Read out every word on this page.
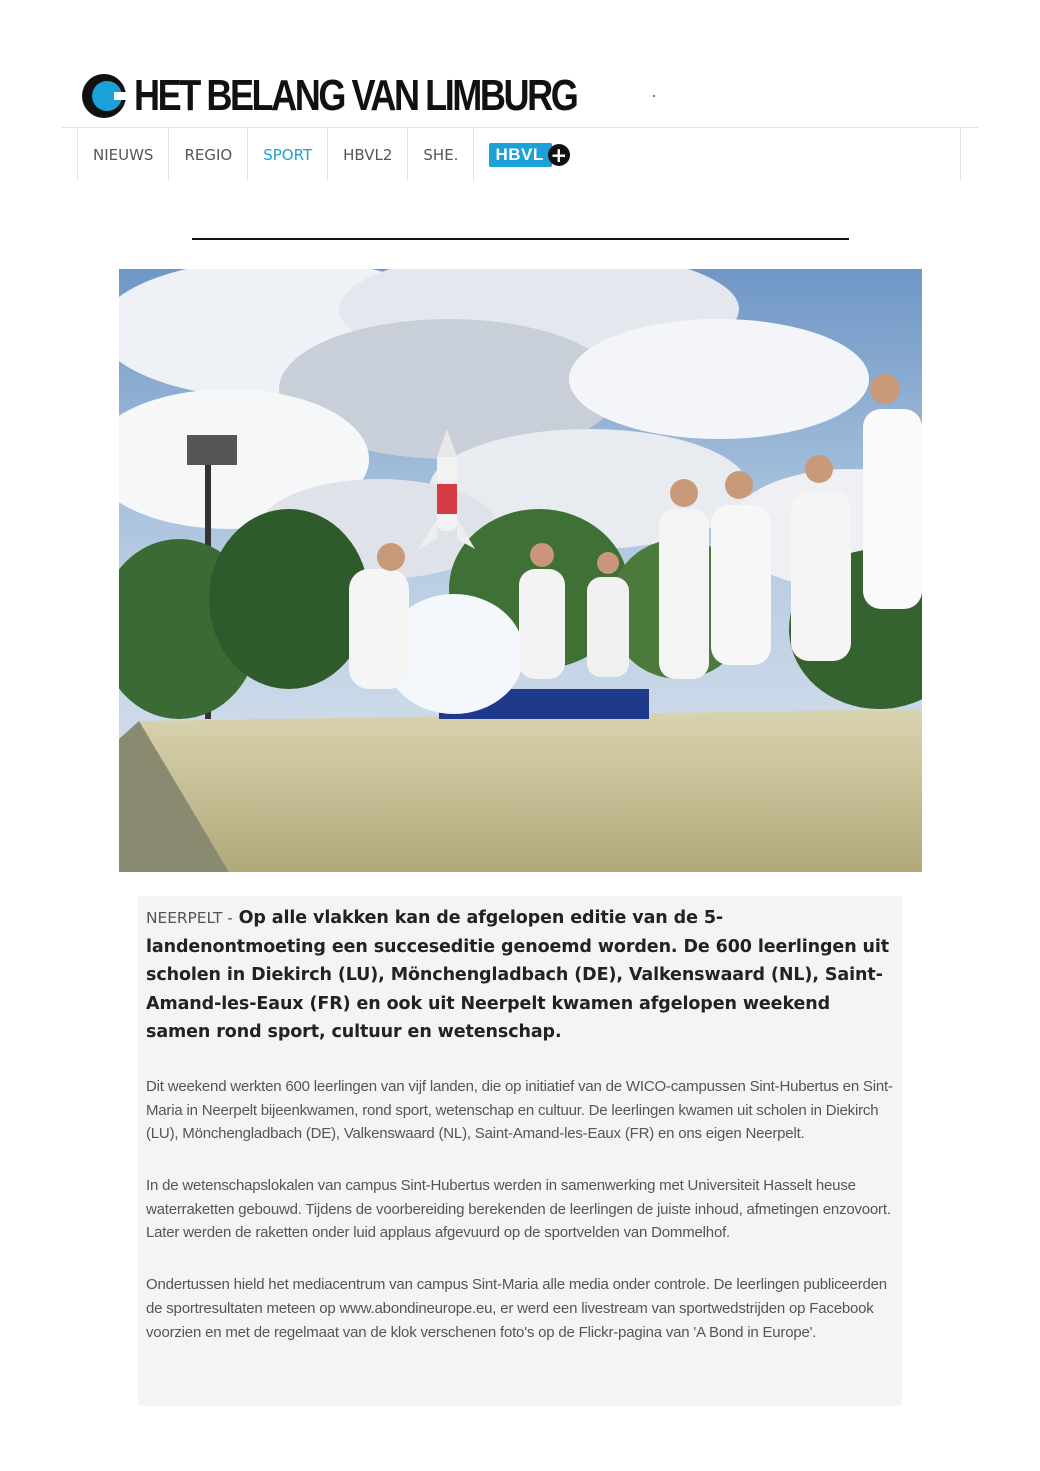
HET BELANG VAN LIMBURG
NIEUWS	REGIO	SPORT	HBVL2	SHE.	HBVL +

NEERPELT - Op alle vlakken kan de afgelopen editie van de 5-landenontmoeting een succeseditie genoemd worden. De 600 leerlingen uit scholen in Diekirch (LU), Mönchengladbach (DE), Valkenswaard (NL), Saint-Amand-les-Eaux (FR) en ook uit Neerpelt kwamen afgelopen weekend samen rond sport, cultuur en wetenschap.

Dit weekend werkten 600 leerlingen van vijf landen, die op initiatief van de WICO-campussen Sint-Hubertus en Sint-Maria in Neerpelt bijeenkwamen, rond sport, wetenschap en cultuur. De leerlingen kwamen uit scholen in Diekirch (LU), Mönchengladbach (DE), Valkenswaard (NL), Saint-Amand-les-Eaux (FR) en ons eigen Neerpelt.

In de wetenschapslokalen van campus Sint-Hubertus werden in samenwerking met Universiteit Hasselt heuse waterraketten gebouwd. Tijdens de voorbereiding berekenden de leerlingen de juiste inhoud, afmetingen enzovoort. Later werden de raketten onder luid applaus afgevuurd op de sportvelden van Dommelhof.

Ondertussen hield het mediacentrum van campus Sint-Maria alle media onder controle. De leerlingen publiceerden de sportresultaten meteen op www.abondineurope.eu, er werd een livestream van sportwedstrijden op Facebook voorzien en met de regelmaat van de klok verschenen foto's op de Flickr-pagina van 'A Bond in Europe'.
